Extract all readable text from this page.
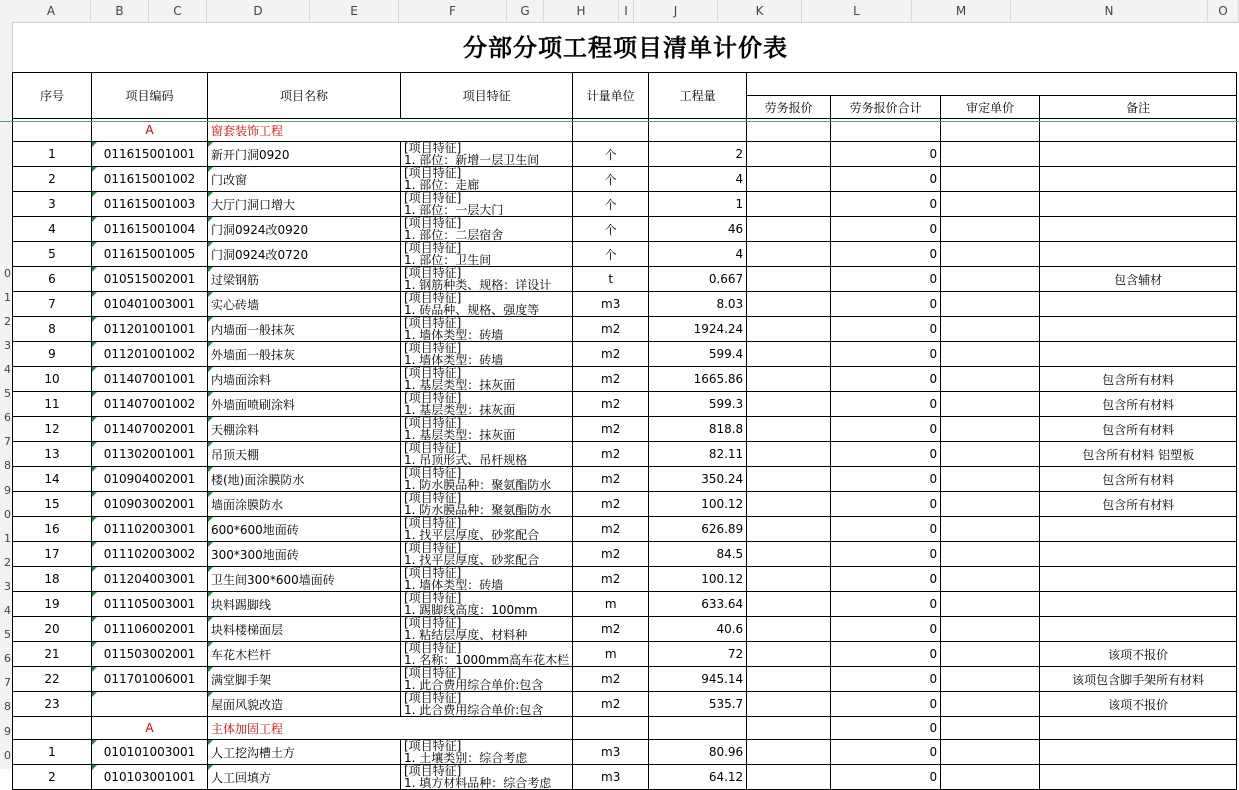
A	B	C	D	E	F	G	H	I	J	K	L	M	N	O
0
1
2
3
4
5
6
7
8
9
0
1
2
3
4
5
6
7
8
9
0
分部分项工程项目清单计价表
序号	项目编码	项目名称	项目特征	计量单位	工程量				
						劳务报价	劳务报价合计	审定单价	备注
	A	窗套装饰工程							
1	011615001001	新开门洞0920	[项目特征]
1. 部位：新增一层卫生间	个	2		0		
2	011615001002	门改窗	[项目特征]
1. 部位：走廊	个	4		0		
3	011615001003	大厅门洞口增大	[项目特征]
1. 部位：一层大门	个	1		0		
4	011615001004	门洞0924改0920	[项目特征]
1. 部位：二层宿舍	个	46		0		
5	011615001005	门洞0924改0720	[项目特征]
1. 部位：卫生间	个	4		0		
6	010515002001	过梁钢筋	[项目特征]
1. 钢筋种类、规格：详设计	t	0.667		0		包含辅材
7	010401003001	实心砖墙	[项目特征]
1. 砖品种、规格、强度等	m3	8.03		0		
8	011201001001	内墙面一般抹灰	[项目特征]
1. 墙体类型：砖墙	m2	1924.24		0		
9	011201001002	外墙面一般抹灰	[项目特征]
1. 墙体类型：砖墙	m2	599.4		0		
10	011407001001	内墙面涂料	[项目特征]
1. 基层类型：抹灰面	m2	1665.86		0		包含所有材料
11	011407001002	外墙面喷刷涂料	[项目特征]
1. 基层类型：抹灰面	m2	599.3		0		包含所有材料
12	011407002001	天棚涂料	[项目特征]
1. 基层类型：抹灰面	m2	818.8		0		包含所有材料
13	011302001001	吊顶天棚	[项目特征]
1. 吊顶形式、吊杆规格	m2	82.11		0		包含所有材料 铝塑板
14	010904002001	楼(地)面涂膜防水	[项目特征]
1. 防水膜品种：聚氨酯防水	m2	350.24		0		包含所有材料
15	010903002001	墙面涂膜防水	[项目特征]
1. 防水膜品种：聚氨酯防水	m2	100.12		0		包含所有材料
16	011102003001	600*600地面砖	[项目特征]
1. 找平层厚度、砂浆配合	m2	626.89		0		
17	011102003002	300*300地面砖	[项目特征]
1. 找平层厚度、砂浆配合	m2	84.5		0		
18	011204003001	卫生间300*600墙面砖	[项目特征]
1. 墙体类型：砖墙	m2	100.12		0		
19	011105003001	块料踢脚线	[项目特征]
1. 踢脚线高度：100mm	m	633.64		0		
20	011106002001	块料楼梯面层	[项目特征]
1. 粘结层厚度、材料种	m2	40.6		0		
21	011503002001	车花木栏杆	[项目特征]
1. 名称：1000mm高车花木栏	m	72		0		该项不报价
22	011701006001	满堂脚手架	[项目特征]
1. 此合费用综合单价:包含	m2	945.14		0		该项包含脚手架所有材料
23		屋面风貌改造	[项目特征]
1. 此合费用综合单价:包含	m2	535.7		0		该项不报价
	A	主体加固工程					0		
1	010101003001	人工挖沟槽土方	[项目特征]
1. 土壤类别：综合考虑	m3	80.96		0		
2	010103001001	人工回填方	[项目特征]
1. 填方材料品种：综合考虑	m3	64.12		0		
